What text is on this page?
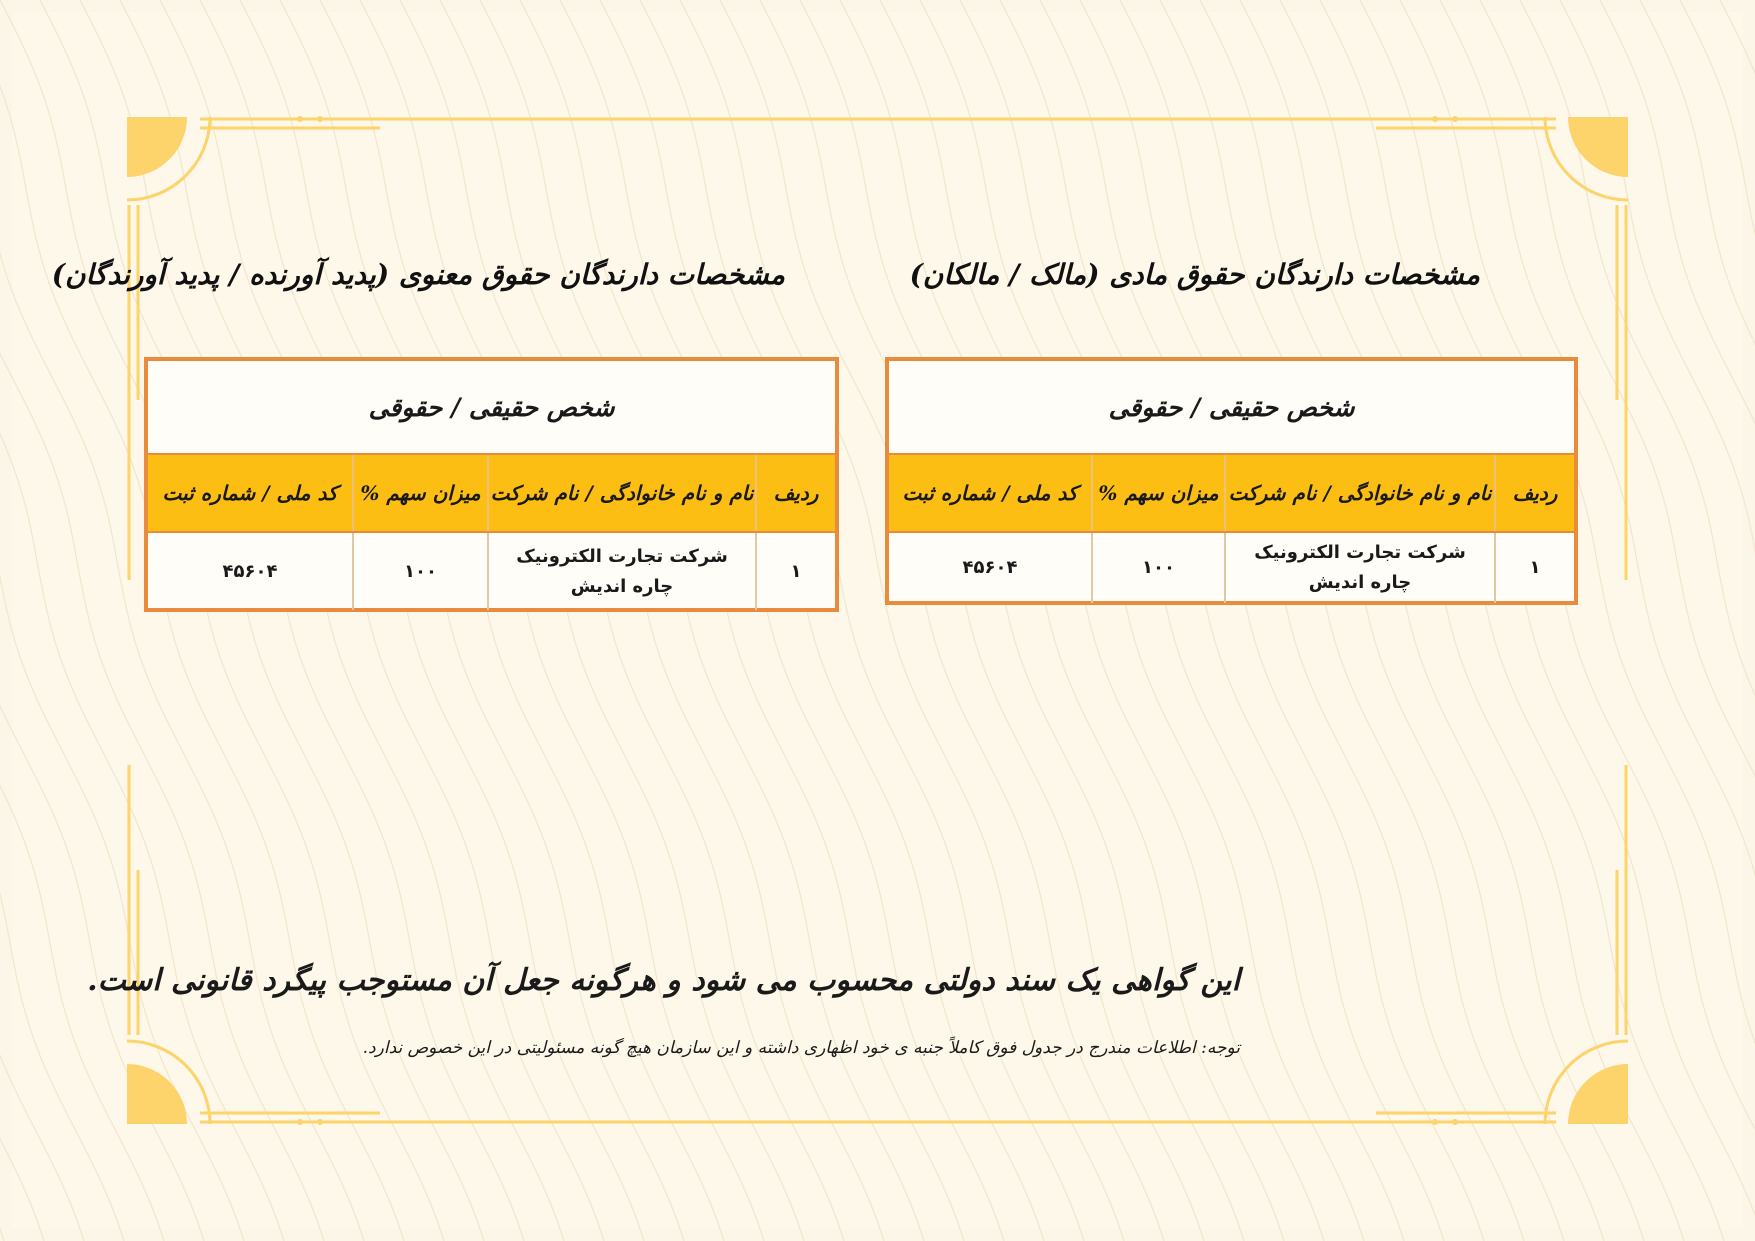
مشخصات دارندگان حقوق مادی (مالک / مالکان)
شخص حقیقی / حقوقی
ردیف
نام و نام خانوادگی / نام شرکت
میزان سهم %
کد ملی / شماره ثبت
۱
شرکت تجارت الکترونیک چاره اندیش
۱۰۰
۴۵۶۰۴
مشخصات دارندگان حقوق معنوی (پدید آورنده / پدید آورندگان)
شخص حقیقی / حقوقی
ردیف
نام و نام خانوادگی / نام شرکت
میزان سهم %
کد ملی / شماره ثبت
۱
شرکت تجارت الکترونیک چاره اندیش
۱۰۰
۴۵۶۰۴
این گواهی یک سند دولتی محسوب می شود و هرگونه جعل آن مستوجب پیگرد قانونی است.
توجه: اطلاعات مندرج در جدول فوق کاملاً جنبه ی خود اظهاری داشته و این سازمان هیچ گونه مسئولیتی در این خصوص ندارد.
